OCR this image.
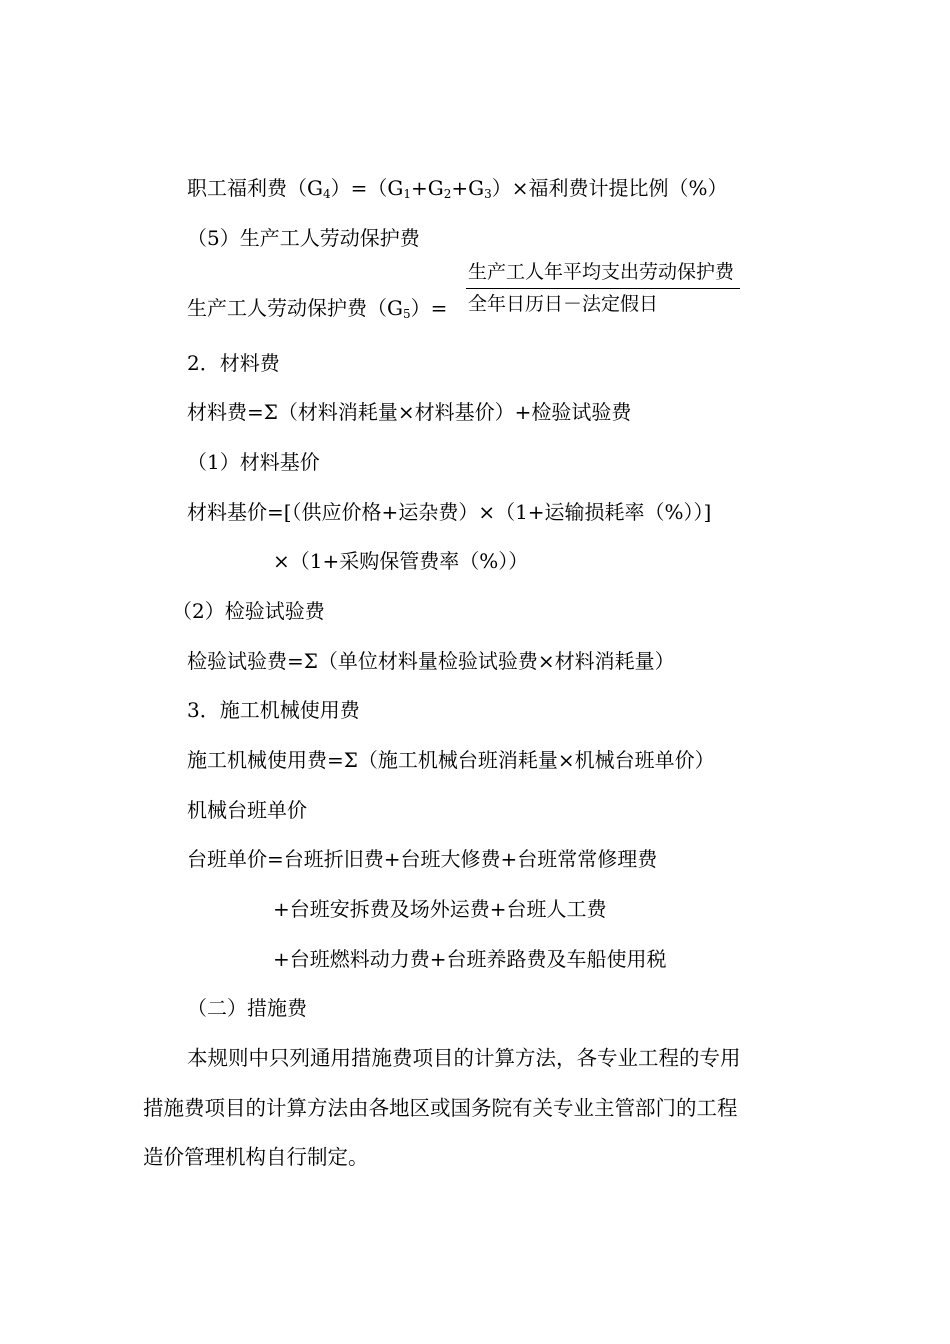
职工福利费$(G_4)=(G_1+G_2+G_3)\times$福利费计提比例（%）
（5）生产工人劳动保护费
生产工人劳动保护费$(G_5)=$
生产工人年平均支出劳动保护费
全年日历日－法定假日
2．材料费
材料费=Σ（材料消耗量×材料基价）+检验试验费
（1）材料基价
材料基价=[（供应价格+运杂费）×（1+运输损耗率（%））]
×（1+采购保管费率（%））
（2）检验试验费
检验试验费=Σ（单位材料量检验试验费×材料消耗量）
3．施工机械使用费
施工机械使用费=Σ（施工机械台班消耗量×机械台班单价）
机械台班单价
台班单价=台班折旧费+台班大修费+台班常常修理费
+台班安拆费及场外运费+台班人工费
+台班燃料动力费+台班养路费及车船使用税
（二）措施费
本规则中只列通用措施费项目的计算方法，各专业工程的专用
措施费项目的计算方法由各地区或国务院有关专业主管部门的工程
造价管理机构自行制定。
